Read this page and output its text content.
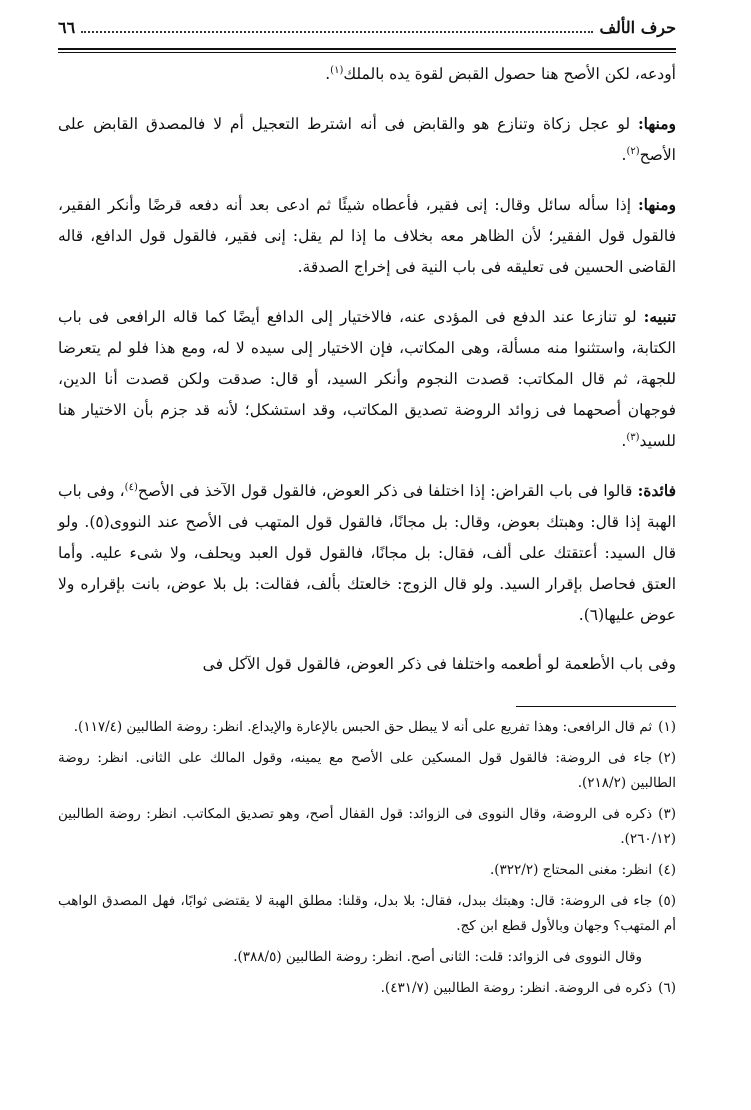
حرف الألف
٦٦

أودعه، لكن الأصح هنا حصول القبض لقوة يده بالملك$^{(١)}$.

ومنها: لو عجل زكاة وتنازع هو والقابض فى أنه اشترط التعجيل أم لا فالمصدق القابض على الأصح$^{(٢)}$.

ومنها: إذا سأله سائل وقال: إنى فقير، فأعطاه شيئًا ثم ادعى بعد أنه دفعه قرضًا وأنكر الفقير، فالقول قول الفقير؛ لأن الظاهر معه بخلاف ما إذا لم يقل: إنى فقير، فالقول قول الدافع، قاله القاضى الحسين فى تعليقه فى باب النية فى إخراج الصدقة.

تنبيه: لو تنازعا عند الدفع فى المؤدى عنه، فالاختيار إلى الدافع أيضًا كما قاله الرافعى فى باب الكتابة، واستثنوا منه مسألة، وهى المكاتب، فإن الاختيار إلى سيده لا له، ومع هذا فلو لم يتعرضا للجهة، ثم قال المكاتب: قصدت النجوم وأنكر السيد، أو قال: صدقت ولكن قصدت أنا الدين، فوجهان أصحهما فى زوائد الروضة تصديق المكاتب، وقد استشكل؛ لأنه قد جزم بأن الاختيار هنا للسيد$^{(٣)}$.

فائدة: قالوا فى باب القراض: إذا اختلفا فى ذكر العوض، فالقول قول الآخذ فى الأصح$^{(٤)}$، وفى باب الهبة إذا قال: وهبتك بعوض، وقال: بل مجانًا، فالقول قول المتهب فى الأصح عند النووى(٥). ولو قال السيد: أعتقتك على ألف، فقال: بل مجانًا، فالقول قول العبد ويحلف، ولا شىء عليه. وأما العتق فحاصل بإقرار السيد. ولو قال الزوج: خالعتك بألف، فقالت: بل بلا عوض، بانت بإقراره ولا عوض عليها(٦).

وفى باب الأطعمة لو أطعمه واختلفا فى ذكر العوض، فالقول قول الآكل فى

(١)ثم قال الرافعى: وهذا تفريع على أنه لا يبطل حق الحبس بالإعارة والإيداع. انظر: روضة الطالبين (١١٧/٤).

(٢)جاء فى الروضة: فالقول قول المسكين على الأصح مع يمينه، وقول المالك على الثانى. انظر: روضة الطالبين (٢١٨/٢).

(٣)ذكره فى الروضة، وقال النووى فى الزوائد: قول القفال أصح، وهو تصديق المكاتب. انظر: روضة الطالبين (٢٦٠/١٢).

(٤)انظر: مغنى المحتاج (٣٢٢/٢).

(٥)جاء فى الروضة: قال: وهبتك ببدل، فقال: بلا بدل، وقلنا: مطلق الهبة لا يقتضى ثوابًا، فهل المصدق الواهب أم المتهب؟ وجهان وبالأول قطع ابن كج.

وقال النووى فى الزوائد: قلت: الثانى أصح. انظر: روضة الطالبين (٣٨٨/٥).

(٦)ذكره فى الروضة. انظر: روضة الطالبين (٤٣١/٧).
